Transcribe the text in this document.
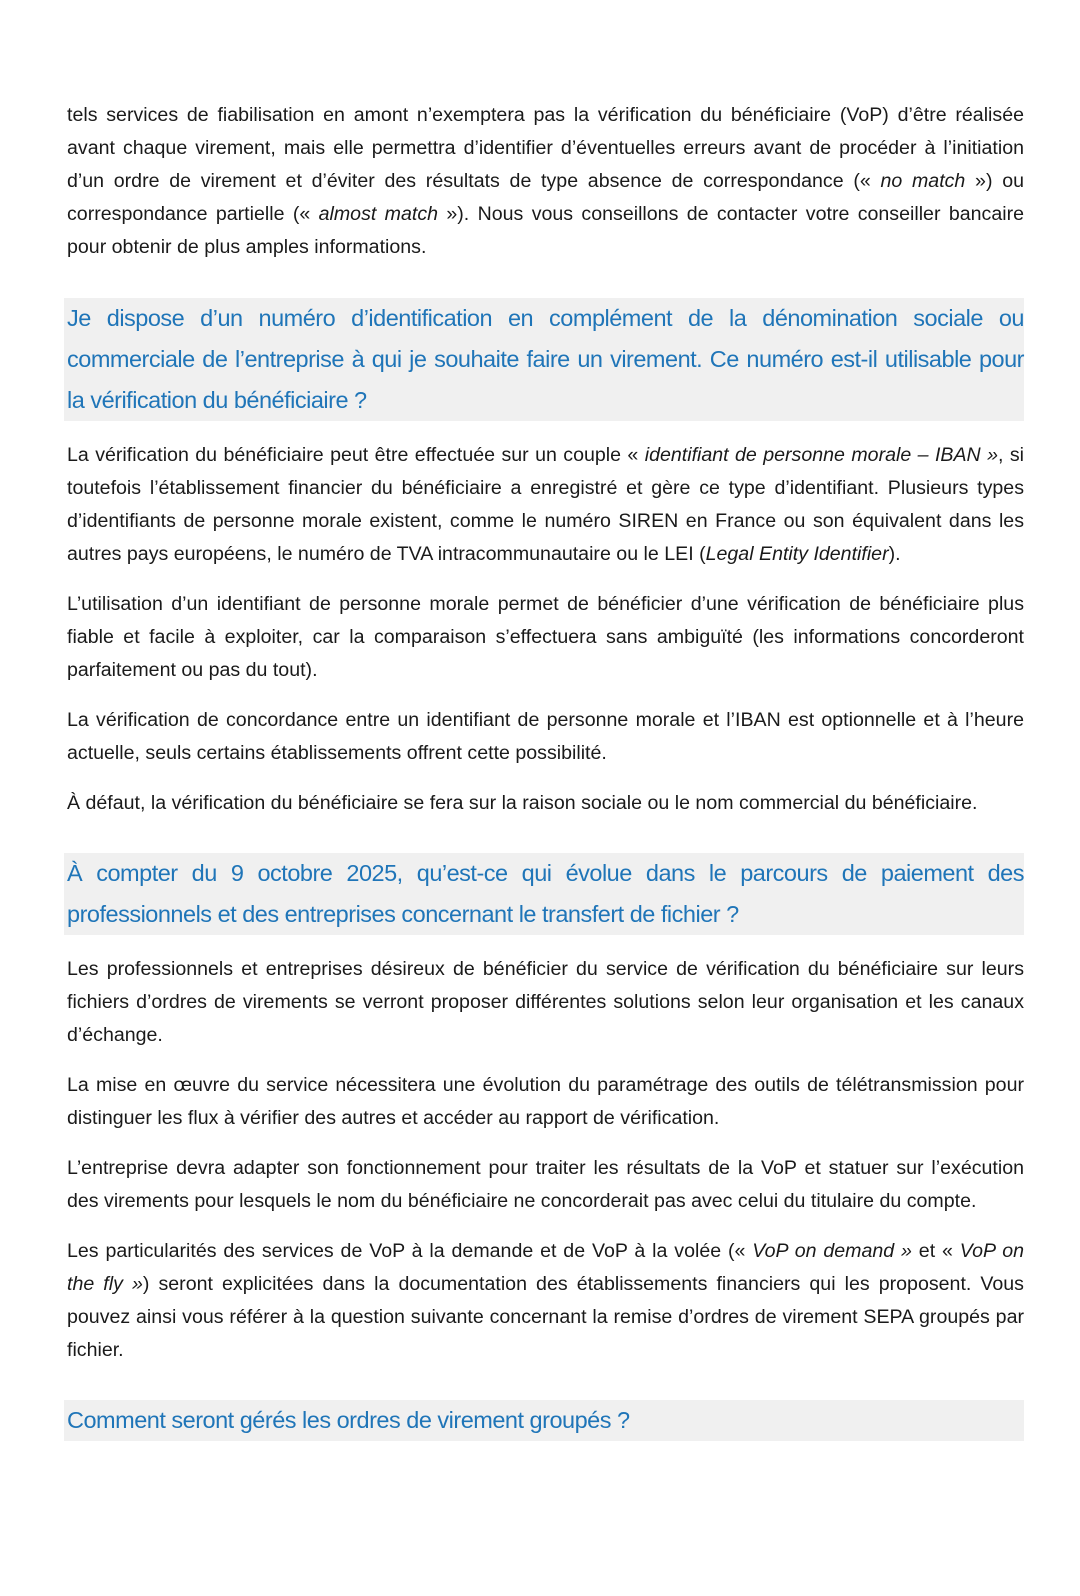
tels services de fiabilisation en amont n’exemptera pas la vérification du bénéficiaire (VoP) d’être réalisée avant chaque virement, mais elle permettra d’identifier d’éventuelles erreurs avant de procéder à l’initiation d’un ordre de virement et d’éviter des résultats de type absence de correspondance (« no match ») ou correspondance partielle (« almost match »). Nous vous conseillons de contacter votre conseiller bancaire pour obtenir de plus amples informations.

Je dispose d’un numéro d’identification en complément de la dénomination sociale ou commerciale de l’entreprise à qui je souhaite faire un virement. Ce numéro est-il utilisable pour la vérification du bénéficiaire ?

La vérification du bénéficiaire peut être effectuée sur un couple « identifiant de personne morale – IBAN », si toutefois l’établissement financier du bénéficiaire a enregistré et gère ce type d’identifiant. Plusieurs types d’identifiants de personne morale existent, comme le numéro SIREN en France ou son équivalent dans les autres pays européens, le numéro de TVA intracommunautaire ou le LEI (Legal Entity Identifier).

L’utilisation d’un identifiant de personne morale permet de bénéficier d’une vérification de bénéficiaire plus fiable et facile à exploiter, car la comparaison s’effectuera sans ambiguïté (les informations concorderont parfaitement ou pas du tout).

La vérification de concordance entre un identifiant de personne morale et l’IBAN est optionnelle et à l’heure actuelle, seuls certains établissements offrent cette possibilité.

À défaut, la vérification du bénéficiaire se fera sur la raison sociale ou le nom commercial du bénéficiaire.

À compter du 9 octobre 2025, qu’est-ce qui évolue dans le parcours de paiement des professionnels et des entreprises concernant le transfert de fichier ?

Les professionnels et entreprises désireux de bénéficier du service de vérification du bénéficiaire sur leurs fichiers d’ordres de virements se verront proposer différentes solutions selon leur organisation et les canaux d’échange.

La mise en œuvre du service nécessitera une évolution du paramétrage des outils de télétransmission pour distinguer les flux à vérifier des autres et accéder au rapport de vérification.

L’entreprise devra adapter son fonctionnement pour traiter les résultats de la VoP et statuer sur l’exécution des virements pour lesquels le nom du bénéficiaire ne concorderait pas avec celui du titulaire du compte.

Les particularités des services de VoP à la demande et de VoP à la volée (« VoP on demand » et « VoP on the fly ») seront explicitées dans la documentation des établissements financiers qui les proposent. Vous pouvez ainsi vous référer à la question suivante concernant la remise d’ordres de virement SEPA groupés par fichier.

Comment seront gérés les ordres de virement groupés ?
